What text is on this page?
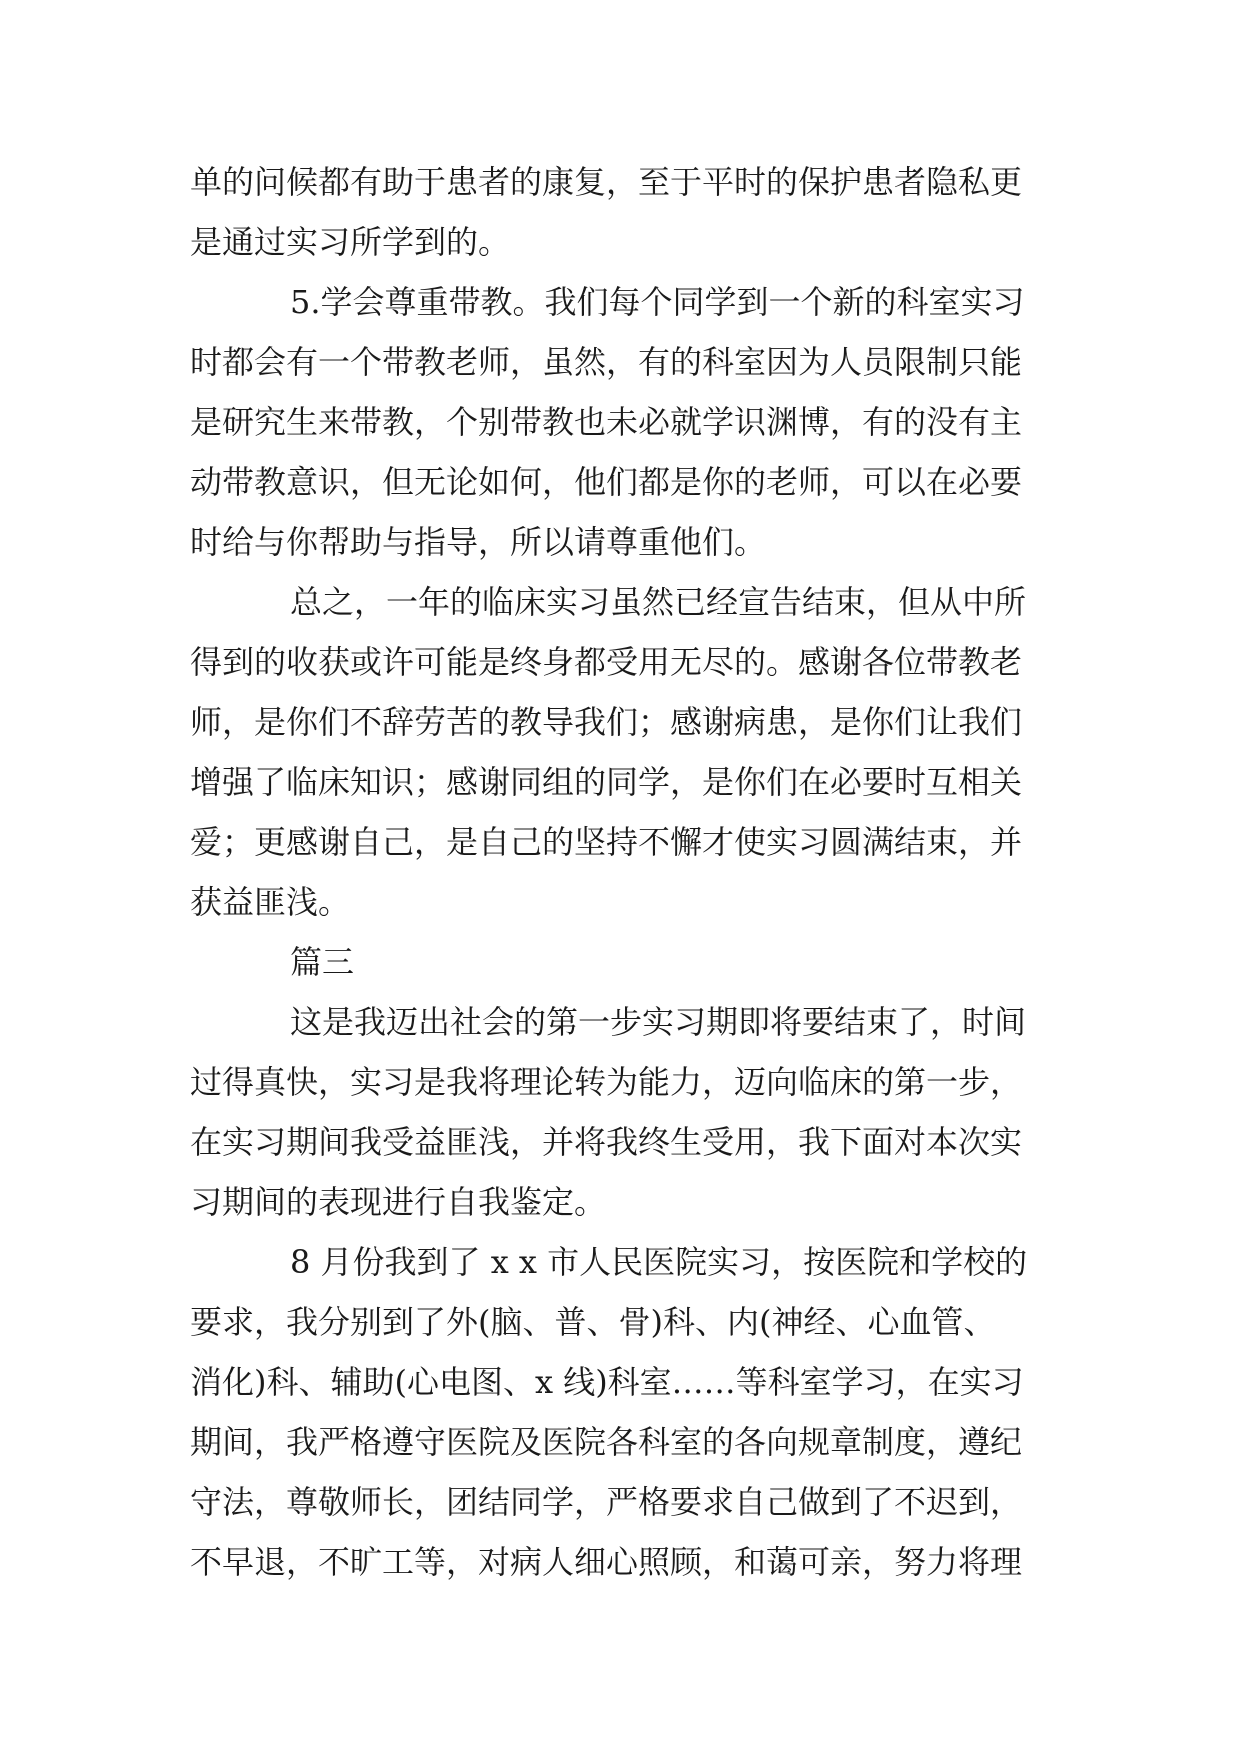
单的问候都有助于患者的康复，至于平时的保护患者隐私更
是通过实习所学到的。
5.学会尊重带教。我们每个同学到一个新的科室实习
时都会有一个带教老师，虽然，有的科室因为人员限制只能
是研究生来带教，个别带教也未必就学识渊博，有的没有主
动带教意识，但无论如何，他们都是你的老师，可以在必要
时给与你帮助与指导，所以请尊重他们。
总之，一年的临床实习虽然已经宣告结束，但从中所
得到的收获或许可能是终身都受用无尽的。感谢各位带教老
师，是你们不辞劳苦的教导我们；感谢病患，是你们让我们
增强了临床知识；感谢同组的同学，是你们在必要时互相关
爱；更感谢自己，是自己的坚持不懈才使实习圆满结束，并
获益匪浅。
篇三
这是我迈出社会的第一步实习期即将要结束了，时间
过得真快，实习是我将理论转为能力，迈向临床的第一步，
在实习期间我受益匪浅，并将我终生受用，我下面对本次实
习期间的表现进行自我鉴定。
8 月份我到了 x x 市人民医院实习，按医院和学校的
要求，我分别到了外(脑、普、骨)科、内(神经、心血管、
消化)科、辅助(心电图、x 线)科室……等科室学习，在实习
期间，我严格遵守医院及医院各科室的各向规章制度，遵纪
守法，尊敬师长，团结同学，严格要求自己做到了不迟到，
不早退，不旷工等，对病人细心照顾，和蔼可亲，努力将理
